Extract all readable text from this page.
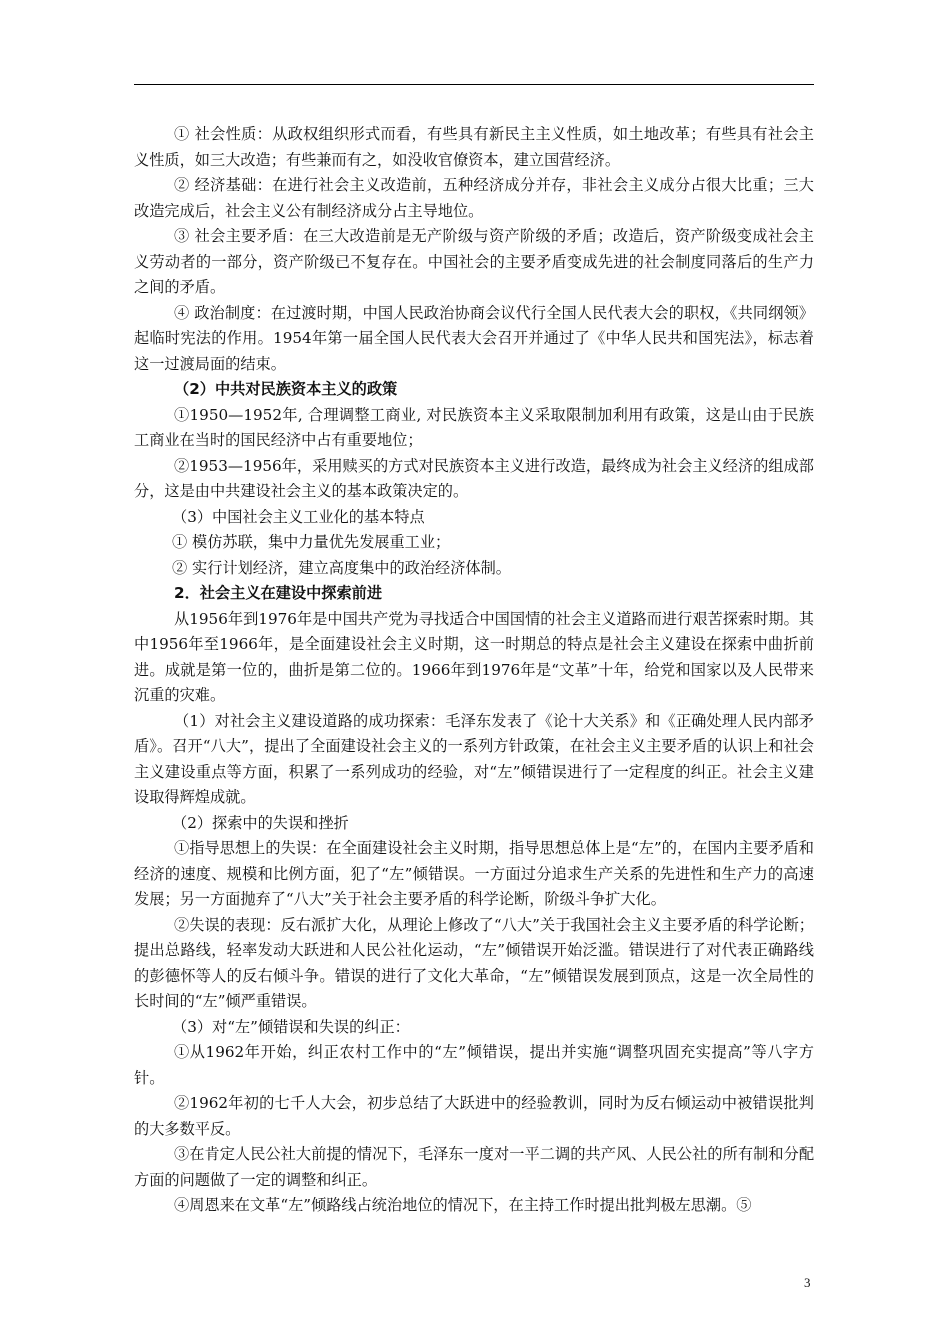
① 社会性质：从政权组织形式而看，有些具有新民主主义性质，如土地改革；有些具有社会主义性质，如三大改造；有些兼而有之，如没收官僚资本，建立国营经济。

② 经济基础：在进行社会主义改造前，五种经济成分并存，非社会主义成分占很大比重；三大改造完成后，社会主义公有制经济成分占主导地位。

③ 社会主要矛盾：在三大改造前是无产阶级与资产阶级的矛盾；改造后，资产阶级变成社会主义劳动者的一部分，资产阶级已不复存在。中国社会的主要矛盾变成先进的社会制度同落后的生产力之间的矛盾。

④ 政治制度：在过渡时期，中国人民政治协商会议代行全国人民代表大会的职权，《共同纲领》起临时宪法的作用。1954年第一届全国人民代表大会召开并通过了《中华人民共和国宪法》，标志着这一过渡局面的结束。

（2）中共对民族资本主义的政策

①1950—1952年, 合理调整工商业, 对民族资本主义采取限制加利用有政策，这是山由于民族工商业在当时的国民经济中占有重要地位；

②1953—1956年，采用赎买的方式对民族资本主义进行改造，最终成为社会主义经济的组成部分，这是由中共建设社会主义的基本政策决定的。

（3）中国社会主义工业化的基本特点

① 模仿苏联，集中力量优先发展重工业；

② 实行计划经济，建立高度集中的政治经济体制。

2．社会主义在建设中探索前进

从1956年到1976年是中国共产党为寻找适合中国国情的社会主义道路而进行艰苦探索时期。其中1956年至1966年，是全面建设社会主义时期，这一时期总的特点是社会主义建设在探索中曲折前进。成就是第一位的，曲折是第二位的。1966年到1976年是“文革”十年，给党和国家以及人民带来沉重的灾难。

（1）对社会主义建设道路的成功探索：毛泽东发表了《论十大关系》和《正确处理人民内部矛盾》。召开“八大”，提出了全面建设社会主义的一系列方针政策，在社会主义主要矛盾的认识上和社会主义建设重点等方面，积累了一系列成功的经验，对“左”倾错误进行了一定程度的纠正。社会主义建设取得辉煌成就。

（2）探索中的失误和挫折

①指导思想上的失误：在全面建设社会主义时期，指导思想总体上是“左”的，在国内主要矛盾和经济的速度、规模和比例方面，犯了“左”倾错误。一方面过分追求生产关系的先进性和生产力的高速发展；另一方面抛弃了“八大”关于社会主要矛盾的科学论断，阶级斗争扩大化。

②失误的表现：反右派扩大化，从理论上修改了“八大”关于我国社会主义主要矛盾的科学论断；提出总路线，轻率发动大跃进和人民公社化运动，“左”倾错误开始泛滥。错误进行了对代表正确路线的彭德怀等人的反右倾斗争。错误的进行了文化大革命，“左”倾错误发展到顶点，这是一次全局性的长时间的“左”倾严重错误。

（3）对“左”倾错误和失误的纠正：

①从1962年开始，纠正农村工作中的“左”倾错误，提出并实施“调整巩固充实提高”等八字方针。

②1962年初的七千人大会，初步总结了大跃进中的经验教训，同时为反右倾运动中被错误批判的大多数平反。

③在肯定人民公社大前提的情况下，毛泽东一度对一平二调的共产风、人民公社的所有制和分配方面的问题做了一定的调整和纠正。

④周恩来在文革“左”倾路线占统治地位的情况下，在主持工作时提出批判极左思潮。⑤

3
